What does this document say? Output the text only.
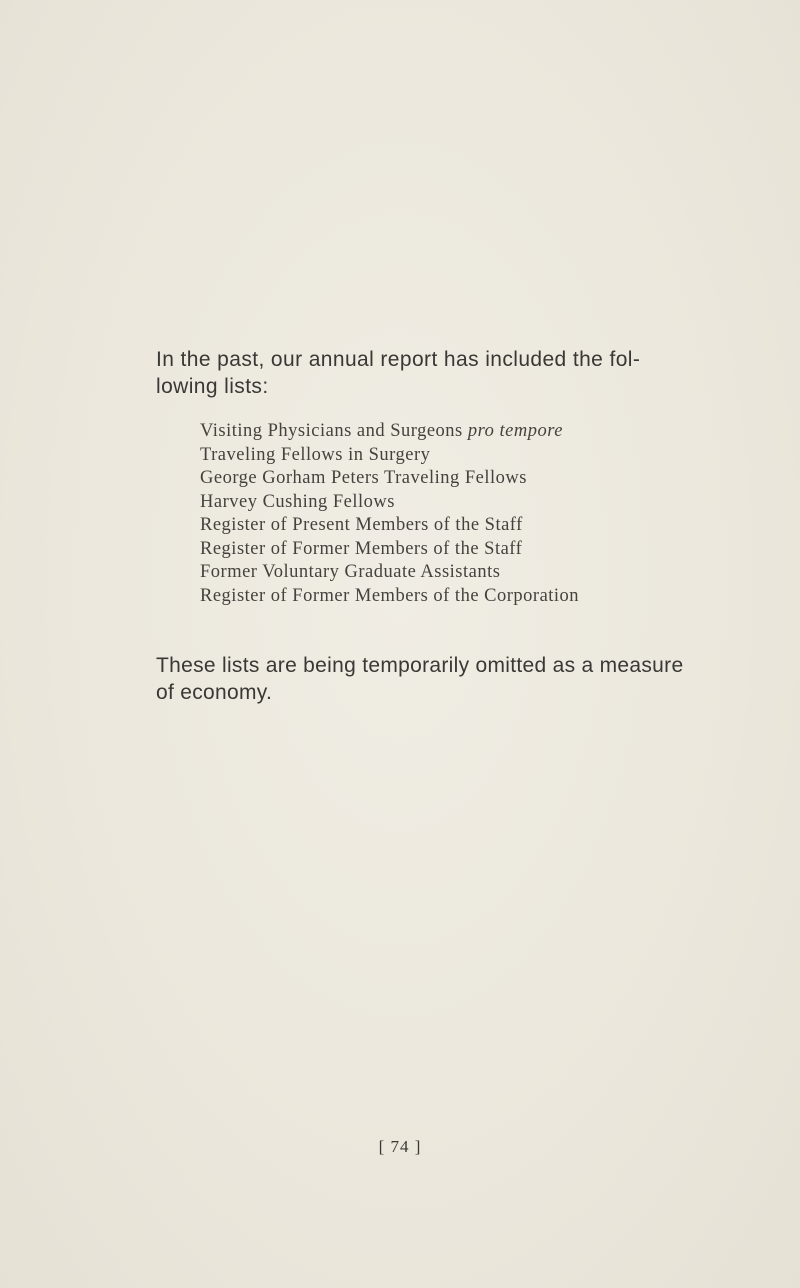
In the past, our annual report has included the fol-
lowing lists:

Visiting Physicians and Surgeons pro tempore
Traveling Fellows in Surgery
George Gorham Peters Traveling Fellows
Harvey Cushing Fellows
Register of Present Members of the Staff
Register of Former Members of the Staff
Former Voluntary Graduate Assistants
Register of Former Members of the Corporation

These lists are being temporarily omitted as a measure
of economy.

[ 74 ]
